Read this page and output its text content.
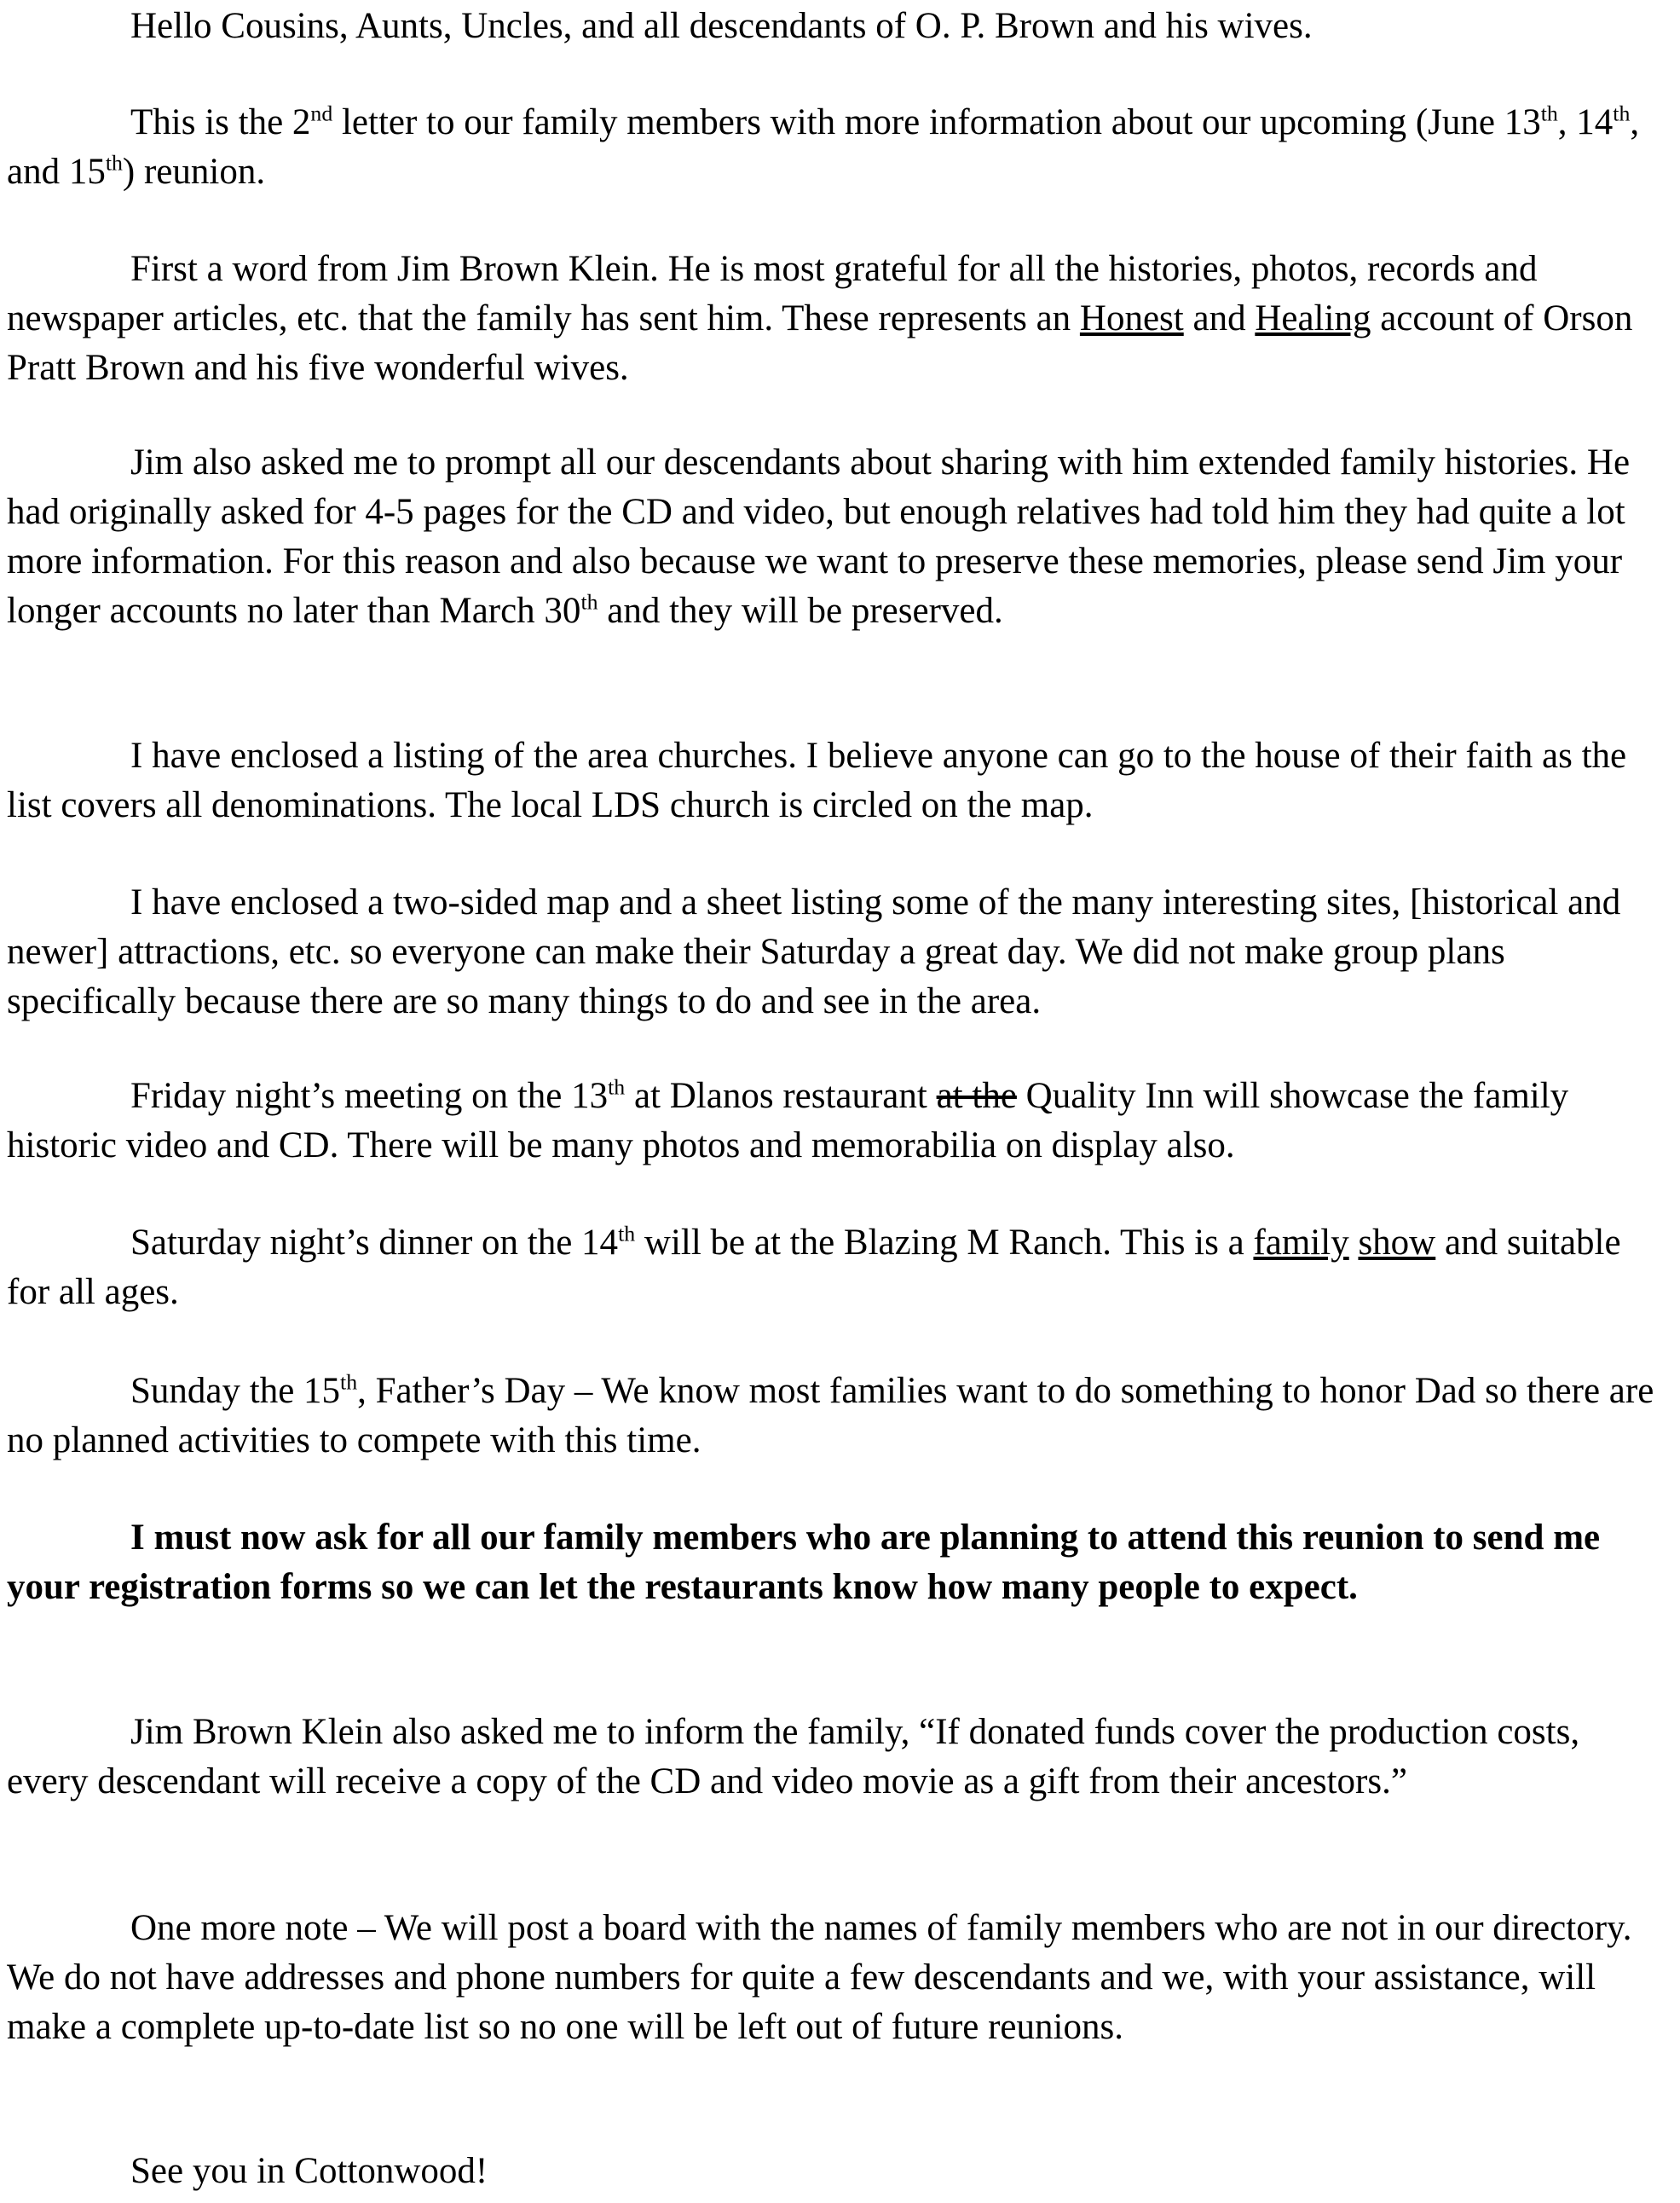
Hello Cousins, Aunts, Uncles, and all descendants of O. P. Brown and his wives.

This is the 2nd letter to our family members with more information about our upcoming (June 13th, 14th, and 15th) reunion.

First a word from Jim Brown Klein. He is most grateful for all the histories, photos, records and newspaper articles, etc. that the family has sent him. These represents an Honest and Healing account of Orson Pratt Brown and his five wonderful wives.

Jim also asked me to prompt all our descendants about sharing with him extended family histories. He had originally asked for 4-5 pages for the CD and video, but enough relatives had told him they had quite a lot more information. For this reason and also because we want to preserve these memories, please send Jim your longer accounts no later than March 30th and they will be preserved.

I have enclosed a listing of the area churches. I believe anyone can go to the house of their faith as the list covers all denominations. The local LDS church is circled on the map.

I have enclosed a two-sided map and a sheet listing some of the many interesting sites, [historical and newer] attractions, etc. so everyone can make their Saturday a great day. We did not make group plans specifically because there are so many things to do and see in the area.

Friday night’s meeting on the 13th at Dlanos restaurant at the Quality Inn will showcase the family historic video and CD. There will be many photos and memorabilia on display also.

Saturday night’s dinner on the 14th will be at the Blazing M Ranch. This is a family show and suitable for all ages.

Sunday the 15th, Father’s Day – We know most families want to do something to honor Dad so there are no planned activities to compete with this time.

I must now ask for all our family members who are planning to attend this reunion to send me your registration forms so we can let the restaurants know how many people to expect.

Jim Brown Klein also asked me to inform the family, “If donated funds cover the production costs, every descendant will receive a copy of the CD and video movie as a gift from their ancestors.”

One more note – We will post a board with the names of family members who are not in our directory. We do not have addresses and phone numbers for quite a few descendants and we, with your assistance, will make a complete up-to-date list so no one will be left out of future reunions.

See you in Cottonwood!
